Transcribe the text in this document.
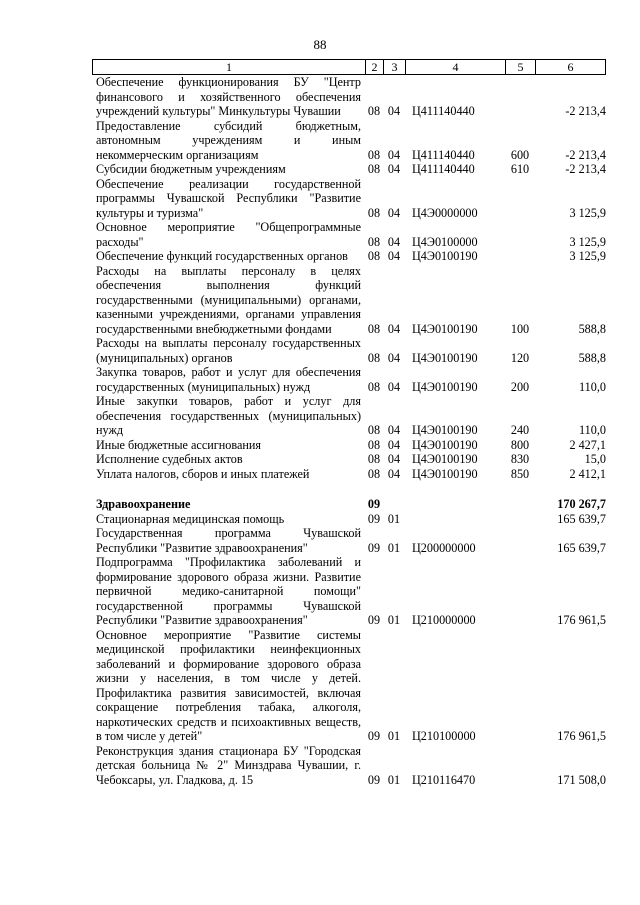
88
1	2	3	4	5	6
Обеспечение функционирования БУ "Центр финансового и хозяйственного обеспечения учреждений культуры" Минкультуры Чувашии	08 04 Ц411140440	-2 213,4
Предоставление субсидий бюджетным, автономным учреждениям и иным некоммерческим организациям	08 04 Ц411140440	600	-2 213,4
Субсидии бюджетным учреждениям	08 04 Ц411140440	610	-2 213,4
Обеспечение реализации государственной программы Чувашской Республики "Развитие культуры и туризма"	08 04 Ц4Э0000000	3 125,9
Основное мероприятие "Общепрограммные расходы"	08 04 Ц4Э0100000	3 125,9
Обеспечение функций государственных органов	08 04 Ц4Э0100190	3 125,9
Расходы на выплаты персоналу в целях обеспечения выполнения функций государственными (муниципальными) органами, казенными учреждениями, органами управления государственными внебюджетными фондами	08 04 Ц4Э0100190	100	588,8
Расходы на выплаты персоналу государственных (муниципальных) органов	08 04 Ц4Э0100190	120	588,8
Закупка товаров, работ и услуг для обеспечения государственных (муниципальных) нужд	08 04 Ц4Э0100190	200	110,0
Иные закупки товаров, работ и услуг для обеспечения государственных (муниципальных) нужд	08 04 Ц4Э0100190	240	110,0
Иные бюджетные ассигнования	08 04 Ц4Э0100190	800	2 427,1
Исполнение судебных актов	08 04 Ц4Э0100190	830	15,0
Уплата налогов, сборов и иных платежей	08 04 Ц4Э0100190	850	2 412,1
Здравоохранение	09	170 267,7
Стационарная медицинская помощь	09 01	165 639,7
Государственная программа Чувашской Республики "Развитие здравоохранения"	09 01 Ц200000000	165 639,7
Подпрограмма "Профилактика заболеваний и формирование здорового образа жизни. Развитие первичной медико-санитарной помощи" государственной программы Чувашской Республики "Развитие здравоохранения"	09 01 Ц210000000	176 961,5
Основное мероприятие "Развитие системы медицинской профилактики неинфекционных заболеваний и формирование здорового образа жизни у населения, в том числе у детей. Профилактика развития зависимостей, включая сокращение потребления табака, алкоголя, наркотических средств и психоактивных веществ, в том числе у детей"	09 01 Ц210100000	176 961,5
Реконструкция здания стационара БУ "Городская детская больница № 2" Минздрава Чувашии, г. Чебоксары, ул. Гладкова, д. 15	09 01 Ц210116470	171 508,0
